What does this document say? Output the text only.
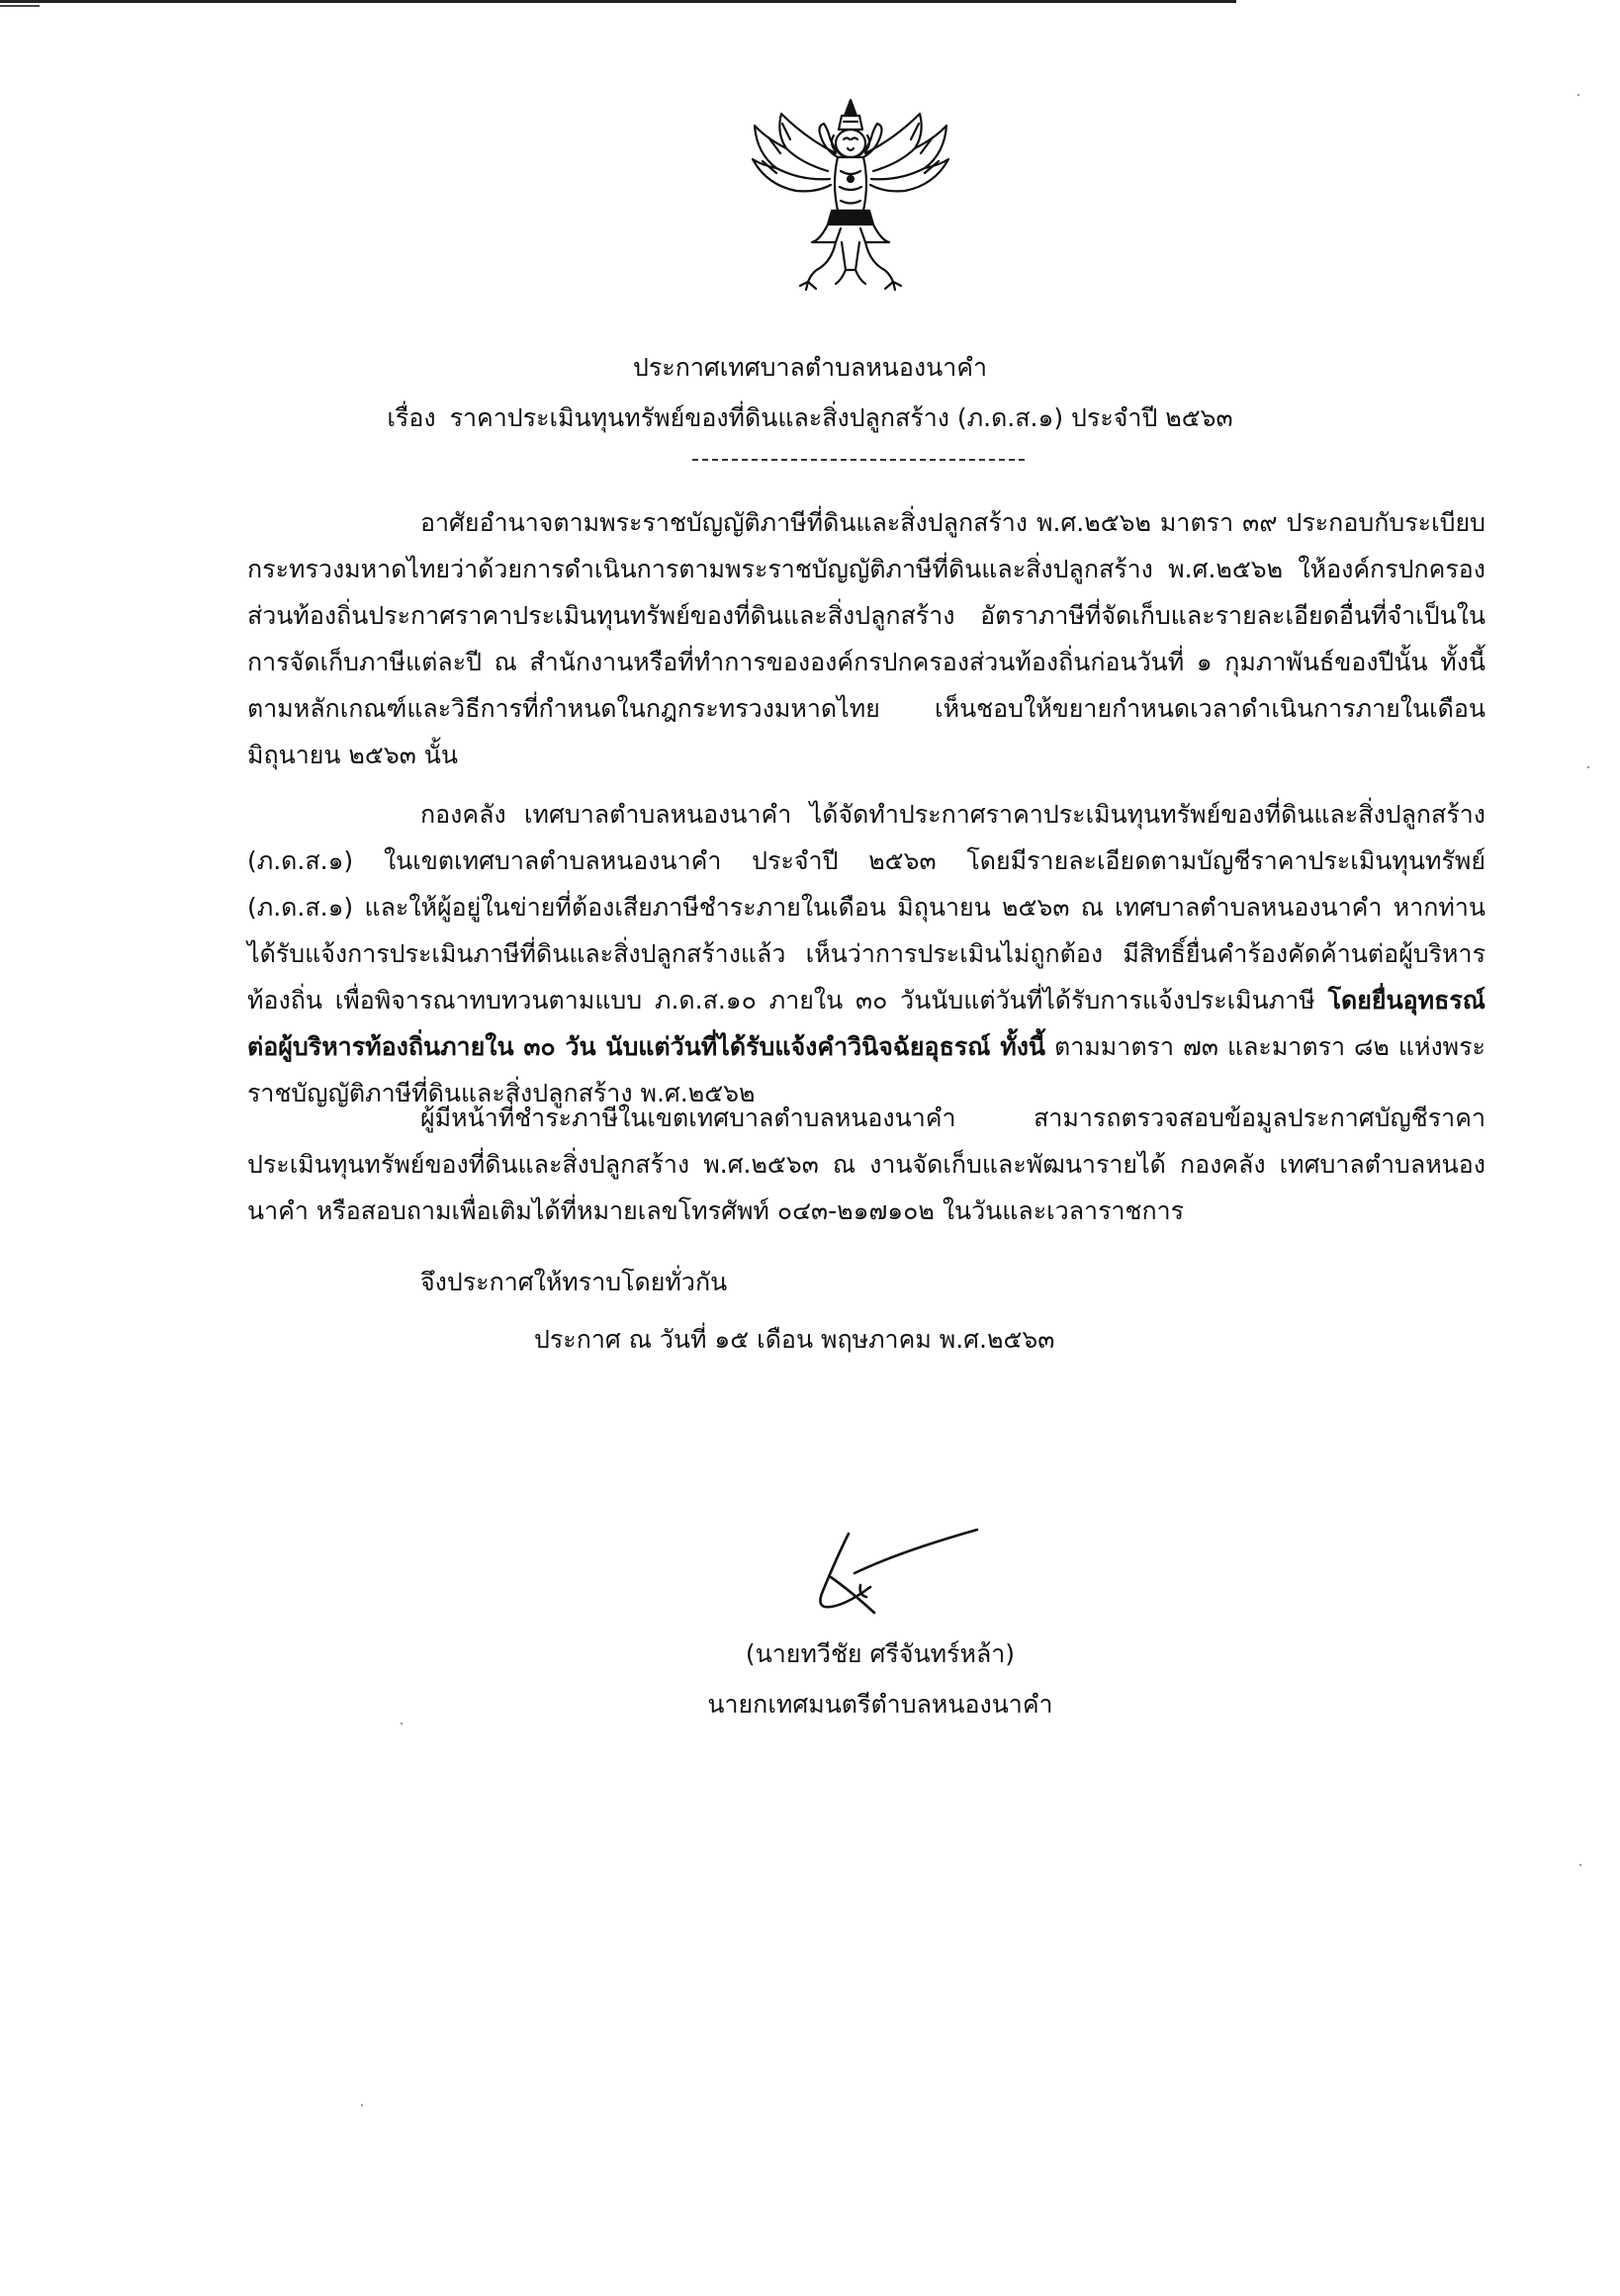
ประกาศเทศบาลตำบลหนองนาคำ
เรื่อง ราคาประเมินทุนทรัพย์ของที่ดินและสิ่งปลูกสร้าง (ภ.ด.ส.๑) ประจำปี ๒๕๖๓

อาศัยอำนาจตามพระราชบัญญัติภาษีที่ดินและสิ่งปลูกสร้าง พ.ศ.๒๕๖๒ มาตรา ๓๙ ประกอบกับระเบียบกระทรวงมหาดไทยว่าด้วยการดำเนินการตามพระราชบัญญัติภาษีที่ดินและสิ่งปลูกสร้าง พ.ศ.๒๕๖๒ ให้องค์กรปกครองส่วนท้องถิ่นประกาศราคาประเมินทุนทรัพย์ของที่ดินและสิ่งปลูกสร้าง อัตราภาษีที่จัดเก็บและรายละเอียดอื่นที่จำเป็นในการจัดเก็บภาษีแต่ละปี ณ สำนักงานหรือที่ทำการขององค์กรปกครองส่วนท้องถิ่นก่อนวันที่ ๑ กุมภาพันธ์ของปีนั้น ทั้งนี้ ตามหลักเกณฑ์และวิธีการที่กำหนดในกฎกระทรวงมหาดไทย เห็นชอบให้ขยายกำหนดเวลาดำเนินการภายในเดือน มิถุนายน ๒๕๖๓ นั้น

กองคลัง เทศบาลตำบลหนองนาคำ ได้จัดทำประกาศราคาประเมินทุนทรัพย์ของที่ดินและสิ่งปลูกสร้าง (ภ.ด.ส.๑) ในเขตเทศบาลตำบลหนองนาคำ ประจำปี ๒๕๖๓ โดยมีรายละเอียดตามบัญชีราคาประเมินทุนทรัพย์ (ภ.ด.ส.๑) และให้ผู้อยู่ในข่ายที่ต้องเสียภาษีชำระภายในเดือน มิถุนายน ๒๕๖๓ ณ เทศบาลตำบลหนองนาคำ หากท่านได้รับแจ้งการประเมินภาษีที่ดินและสิ่งปลูกสร้างแล้ว เห็นว่าการประเมินไม่ถูกต้อง มีสิทธิ์ยื่นคำร้องคัดค้านต่อผู้บริหารท้องถิ่น เพื่อพิจารณาทบทวนตามแบบ ภ.ด.ส.๑๐ ภายใน ๓๐ วันนับแต่วันที่ได้รับการแจ้งประเมินภาษี โดยยื่นอุทธรณ์ต่อผู้บริหารท้องถิ่นภายใน ๓๐ วัน นับแต่วันที่ได้รับแจ้งคำวินิจฉัยอุธรณ์ ทั้งนี้ ตามมาตรา ๗๓ และมาตรา ๘๒ แห่งพระราชบัญญัติภาษีที่ดินและสิ่งปลูกสร้าง พ.ศ.๒๕๖๒

ผู้มีหน้าที่ชำระภาษีในเขตเทศบาลตำบลหนองนาคำ สามารถตรวจสอบข้อมูลประกาศบัญชีราคาประเมินทุนทรัพย์ของที่ดินและสิ่งปลูกสร้าง พ.ศ.๒๕๖๓ ณ งานจัดเก็บและพัฒนารายได้ กองคลัง เทศบาลตำบลหนองนาคำ หรือสอบถามเพื่อเติมได้ที่หมายเลขโทรศัพท์ ๐๔๓-๒๑๗๑๐๒ ในวันและเวลาราชการ

จึงประกาศให้ทราบโดยทั่วกัน
ประกาศ ณ วันที่ ๑๕ เดือน พฤษภาคม พ.ศ.๒๕๖๓
(นายทวีชัย ศรีจันทร์หล้า)
นายกเทศมนตรีตำบลหนองนาคำ
